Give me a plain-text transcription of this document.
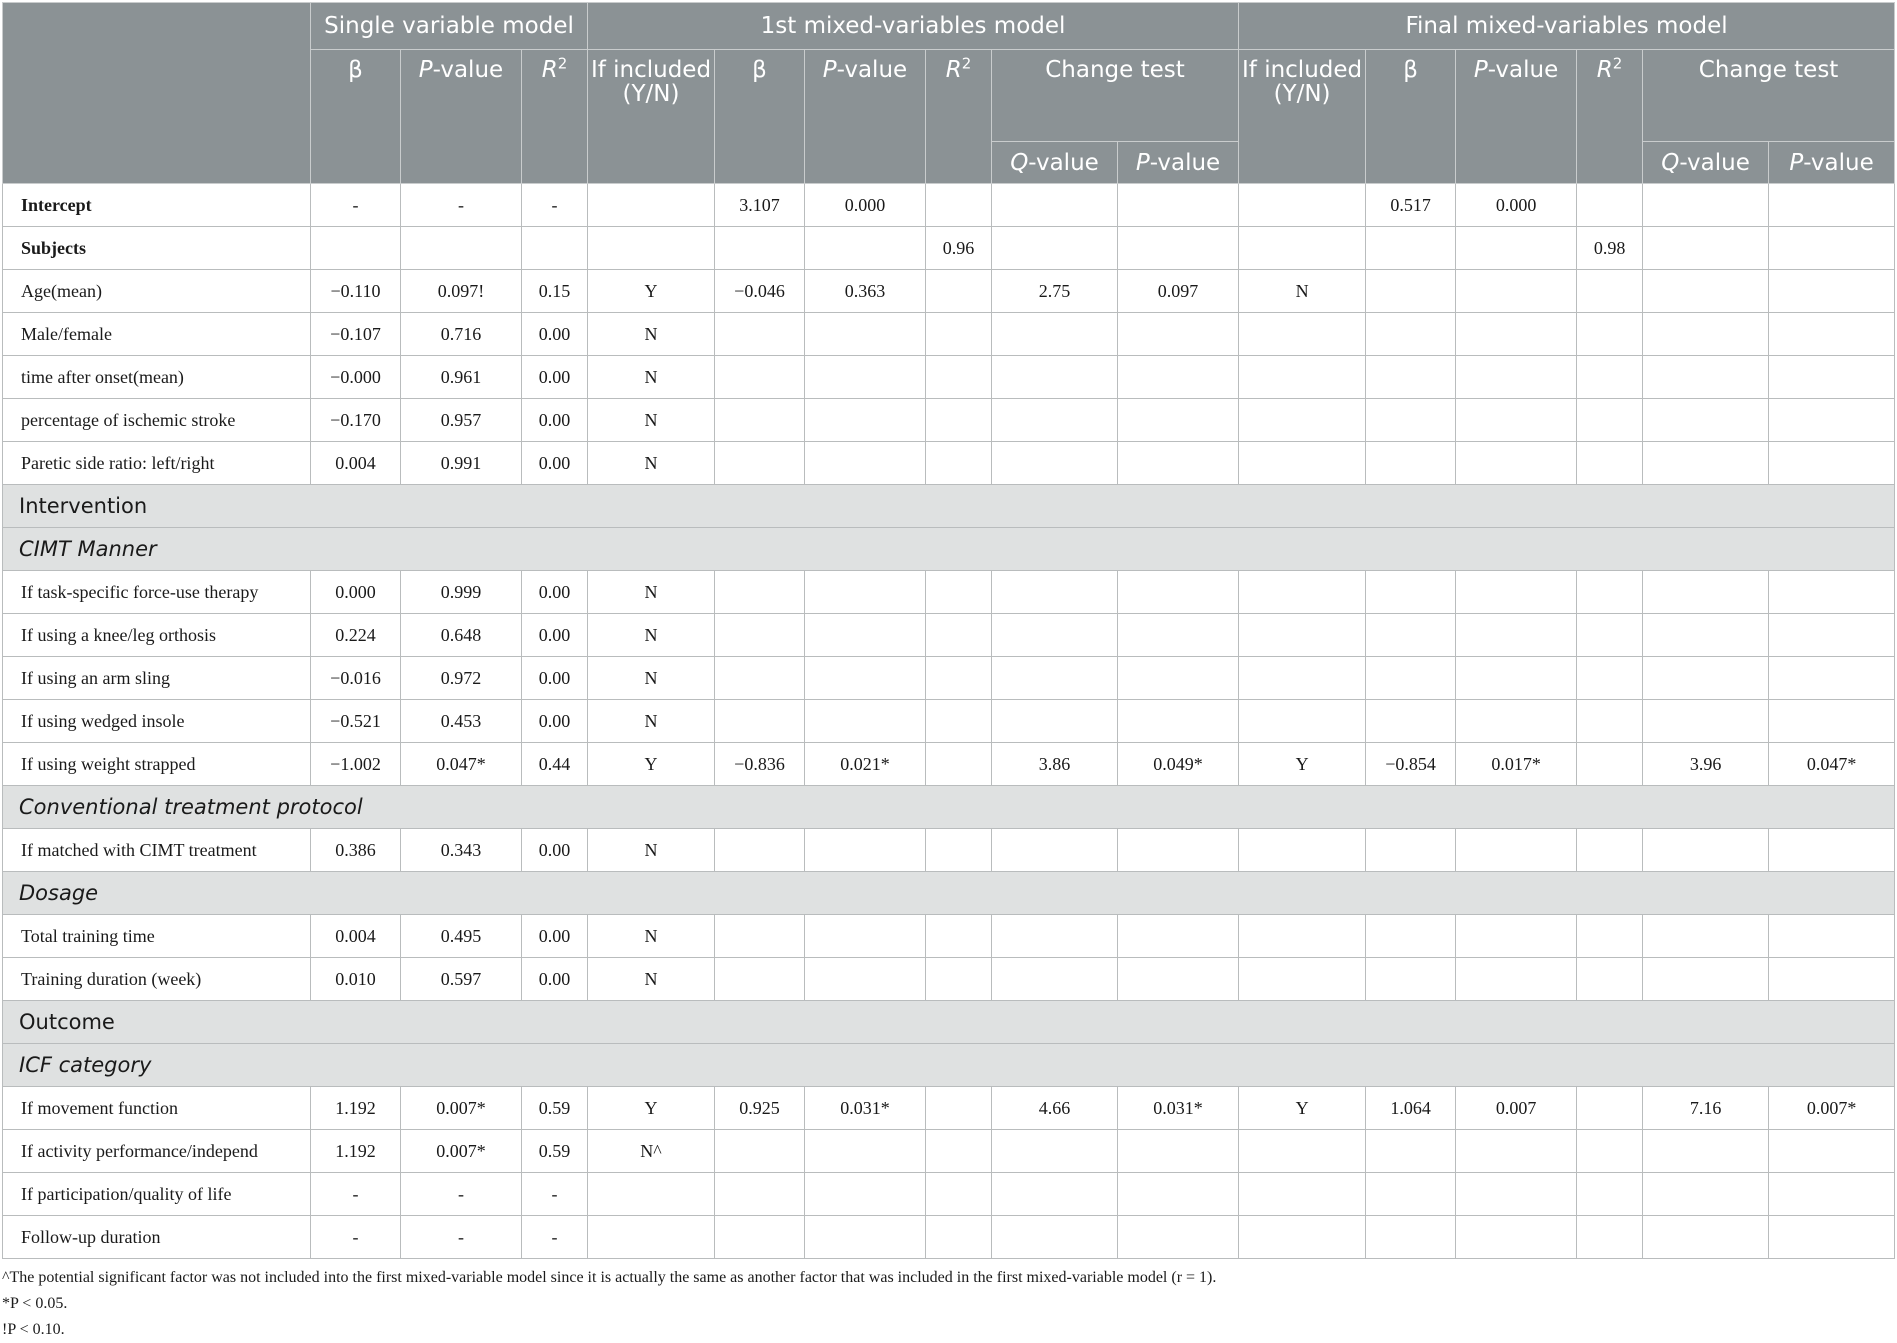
	Single variable model			1st mixed-variables model						Final mixed-variables model					
	β	P-value	$R^2$	If included (Y/N)	β	P-value	$R^2$	Change test		If included (Y/N)	β	P-value	$R^2$	Change test	
								Q-value	P-value					Q-value	P-value
Intercept	-	-	-		3.107	0.000					0.517	0.000			
Subjects							0.96						0.98		
Age(mean)	−0.110	0.097!	0.15	Y	−0.046	0.363		2.75	0.097	N					
Male/female	−0.107	0.716	0.00	N											
time after onset(mean)	−0.000	0.961	0.00	N											
percentage of ischemic stroke	−0.170	0.957	0.00	N											
Paretic side ratio: left/right	0.004	0.991	0.00	N											
Intervention															
CIMT Manner															
If task-specific force-use therapy	0.000	0.999	0.00	N											
If using a knee/leg orthosis	0.224	0.648	0.00	N											
If using an arm sling	−0.016	0.972	0.00	N											
If using wedged insole	−0.521	0.453	0.00	N											
If using weight strapped	−1.002	0.047*	0.44	Y	−0.836	0.021*		3.86	0.049*	Y	−0.854	0.017*		3.96	0.047*
Conventional treatment protocol															
If matched with CIMT treatment	0.386	0.343	0.00	N											
Dosage															
Total training time	0.004	0.495	0.00	N											
Training duration (week)	0.010	0.597	0.00	N											
Outcome															
ICF category															
If movement function	1.192	0.007*	0.59	Y	0.925	0.031*		4.66	0.031*	Y	1.064	0.007		7.16	0.007*
If activity performance/independ	1.192	0.007*	0.59	N^											
If participation/quality of life	-	-	-												
Follow-up duration	-	-	-												
^The potential significant factor was not included into the first mixed-variable model since it is actually the same as another factor that was included in the first mixed-variable model (r = 1).
*P < 0.05.
!P < 0.10.
